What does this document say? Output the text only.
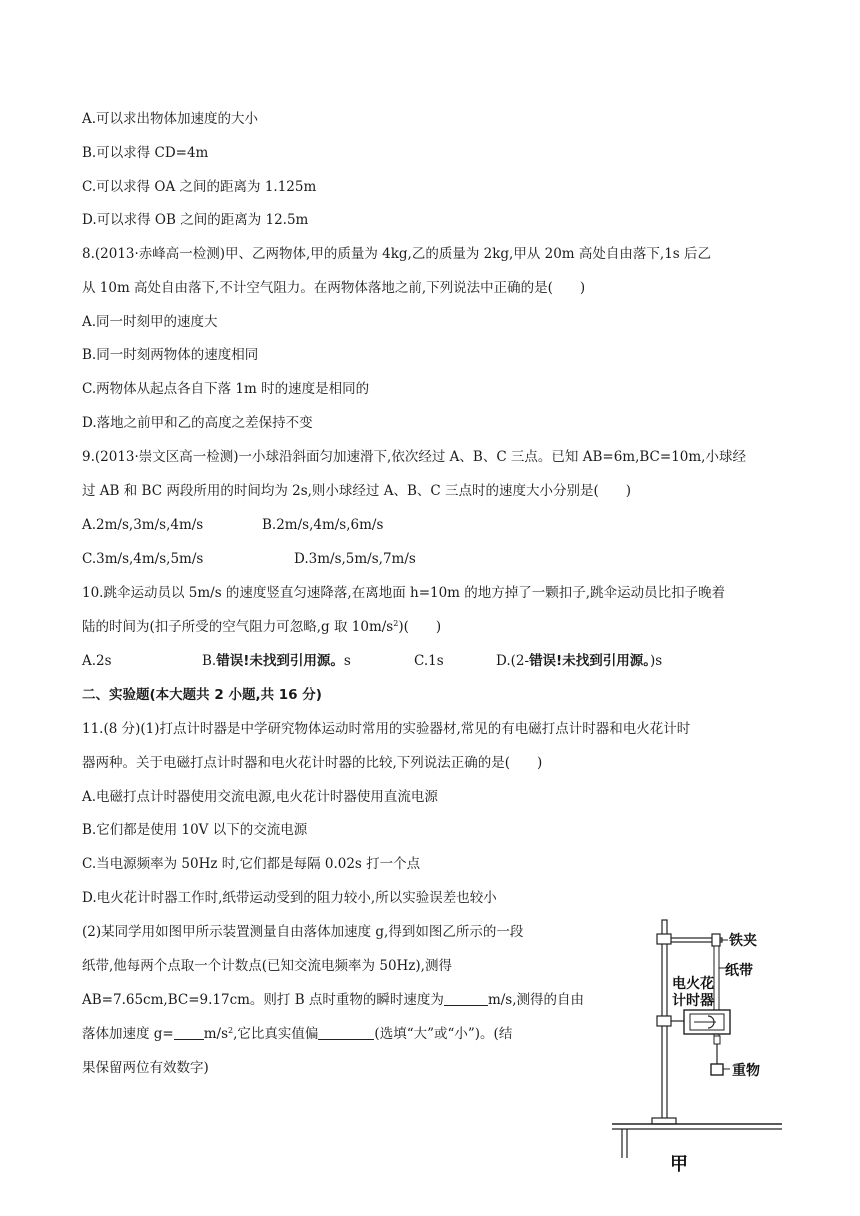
A.可以求出物体加速度的大小
B.可以求得 CD=4m
C.可以求得 OA 之间的距离为 1.125m
D.可以求得 OB 之间的距离为 12.5m
8.(2013·赤峰高一检测)甲、乙两物体,甲的质量为 4kg,乙的质量为 2kg,甲从 20m 高处自由落下,1s 后乙
从 10m 高处自由落下,不计空气阻力。在两物体落地之前,下列说法中正确的是(　　)
A.同一时刻甲的速度大
B.同一时刻两物体的速度相同
C.两物体从起点各自下落 1m 时的速度是相同的
D.落地之前甲和乙的高度之差保持不变
9.(2013·崇文区高一检测)一小球沿斜面匀加速滑下,依次经过 A、B、C 三点。已知 AB=6m,BC=10m,小球经
过 AB 和 BC 两段所用的时间均为 2s,则小球经过 A、B、C 三点时的速度大小分别是(　　)
A.2m/s,3m/s,4m/s	B.2m/s,4m/s,6m/s
C.3m/s,4m/s,5m/s	D.3m/s,5m/s,7m/s
10.跳伞运动员以 5m/s 的速度竖直匀速降落,在离地面 h=10m 的地方掉了一颗扣子,跳伞运动员比扣子晚着
陆的时间为(扣子所受的空气阻力可忽略,g 取 $10m/s^2$)(　　)
A.2s	B.错误!未找到引用源。s	C.1s	D.(2-错误!未找到引用源。)s
二、实验题(本大题共 2 小题,共 16 分)
11.(8 分)(1)打点计时器是中学研究物体运动时常用的实验器材,常见的有电磁打点计时器和电火花计时
器两种。关于电磁打点计时器和电火花计时器的比较,下列说法正确的是(　　)
A.电磁打点计时器使用交流电源,电火花计时器使用直流电源
B.它们都是使用 10V 以下的交流电源
C.当电源频率为 50Hz 时,它们都是每隔 0.02s 打一个点
D.电火花计时器工作时,纸带运动受到的阻力较小,所以实验误差也较小
(2)某同学用如图甲所示装置测量自由落体加速度 g,得到如图乙所示的一段
纸带,他每两个点取一个计数点(已知交流电频率为 50Hz),测得
AB=7.65cm,BC=9.17cm。则打 B 点时重物的瞬时速度为	m/s,测得的自由
落体加速度 $g= m/s^2$,它比真实值偏	(选填“大”或“小”)。(结
果保留两位有效数字)
铁夹
纸带
电火花
计时器
重物
甲
